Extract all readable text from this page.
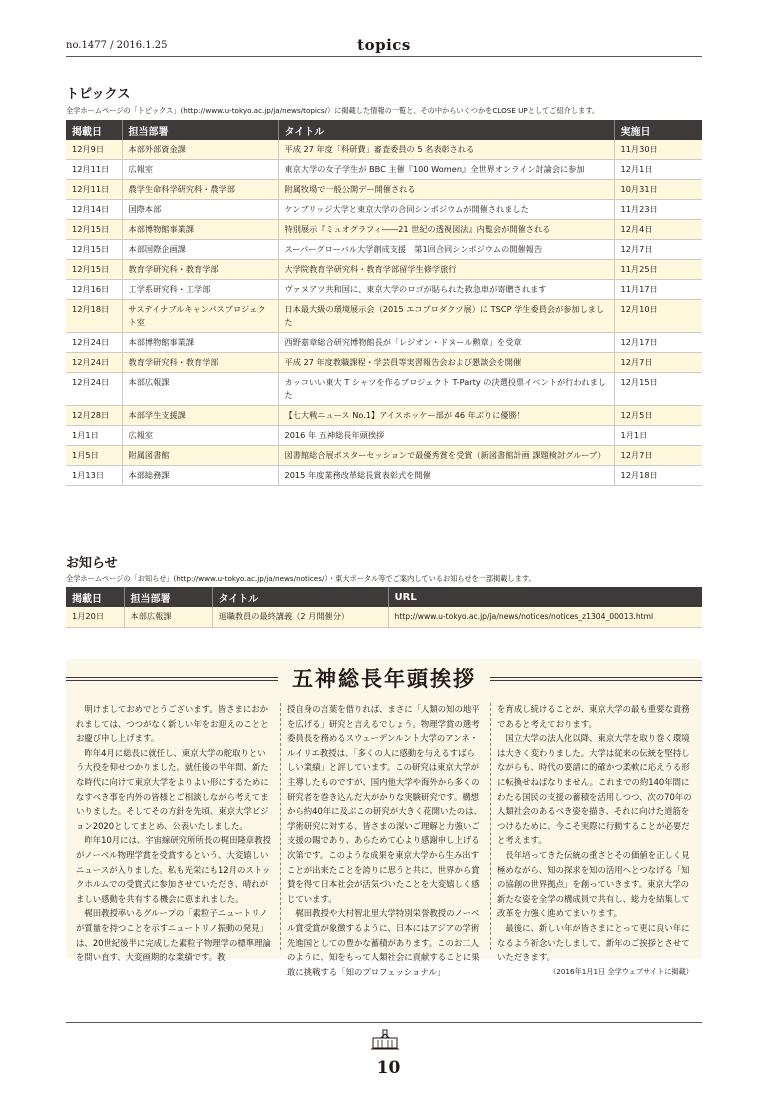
no.1477 / 2016.1.25	topics
トピックス
全学ホームページの「トピックス」(http://www.u-tokyo.ac.jp/ja/news/topics/）に掲載した情報の一覧と、その中からいくつかをCLOSE UPとしてご紹介します。
掲載日	担当部署	タイトル	実施日
12月9日	本部外部資金課	平成 27 年度「科研費」審査委員の 5 名表彰される	11月30日
12月11日	広報室	東京大学の女子学生が BBC 主催『100 Women』全世界オンライン討論会に参加	12月1日
12月11日	農学生命科学研究科・農学部	附属牧場で一般公開デー開催される	10月31日
12月14日	国際本部	ケンブリッジ大学と東京大学の合同シンポジウムが開催されました	11月23日
12月15日	本部博物館事業課	特別展示『ミュオグラフィ――21 世紀の透視図法』内覧会が開催される	12月4日
12月15日	本部国際企画課	スーパーグローバル大学創成支援　第1回合同シンポジウムの開催報告	12月7日
12月15日	教育学研究科・教育学部	大学院教育学研究科・教育学部留学生修学旅行	11月25日
12月16日	工学系研究科・工学部	ヴァヌアツ共和国に、東京大学のロゴが貼られた救急車が寄贈されます	11月17日
12月18日	サステイナブルキャンパスプロジェクト室	日本最大級の環境展示会（2015 エコプロダクツ展）に TSCP 学生委員会が参加しました	12月10日
12月24日	本部博物館事業課	西野嘉章総合研究博物館長が「レジオン・ドヌール勲章」を受章	12月17日
12月24日	教育学研究科・教育学部	平成 27 年度教職課程・学芸員等実習報告会および懇談会を開催	12月7日
12月24日	本部広報課	カッコいい東大 T シャツを作るプロジェクト T-Party の決選投票イベントが行われました	12月15日
12月28日	本部学生支援課	【七大戦ニュース No.1】アイスホッケー部が 46 年ぶりに優勝！	12月5日
1月1日	広報室	2016 年 五神総長年頭挨拶	1月1日
1月5日	附属図書館	図書館総合展ポスターセッションで最優秀賞を受賞（新図書館計画 課題検討グループ）	12月7日
1月13日	本部総務課	2015 年度業務改革総長賞表彰式を開催	12月18日
お知らせ
全学ホームページの「お知らせ」(http://www.u-tokyo.ac.jp/ja/news/notices/）・東大ポータル等でご案内しているお知らせを一部掲載します。
掲載日	担当部署	タイトル	URL
1月20日	本部広報課	退職教員の最終講義（2 月開催分）	http://www.u-tokyo.ac.jp/ja/news/notices/notices_z1304_00013.html
五神総長年頭挨拶

明けましておめでとうございます。皆さまにおかれましては、つつがなく新しい年をお迎えのことと お慶び申し上げます。

昨年4月に総長に就任し、東京大学の舵取りという大役を仰せつかりました。就任後の半年間、新たな時代に向けて東京大学をよりよい形にするためになすべき事を内外の皆様とご相談しながら考えてまいりました。そしてその方針を先頃、東京大学ビジョン2020としてまとめ、公表いたしました。

昨年10月には、宇宙線研究所所長の梶田隆章教授がノーベル物理学賞を受賞するという、大変嬉しいニュースが入りました。私も光栄にも12月のストックホルムでの受賞式に参加させていただき、晴れがましい感動を共有する機会に恵まれました。

梶田教授率いるグループの「素粒子ニュートリノが質量を持つことを示すニュートリノ振動の発見」は、20世紀後半に完成した素粒子物理学の標準理論を問い直す、大変画期的な業績です。教

授自身の言葉を借りれば、まさに「人類の知の地平を広げる」研究と言えるでしょう。物理学賞の選考委員長を務めるスウェーデンルント大学のアンネ・ルイリエ教授は、「多くの人に感動を与えるすばらしい業績」と評しています。この研究は東京大学が主導したものですが、国内他大学や海外から多くの研究者を巻き込んだ大がかりな実験研究です。構想から約40年に及ぶこの研究が大きく花開いたのは、学術研究に対する、皆さまの深いご理解と力強いご支援の賜であり、あらためて心より感謝申し上げる次第です。このような成果を東京大学から生み出すことが出来たことを誇りに思うと共に、世界から賞賛を得て日本社会が活気づいたことを大変嬉しく感じています。

梶田教授や大村智北里大学特別栄誉教授のノーベル賞受賞が象徴するように、日本にはアジアの学術先進国としての豊かな蓄積があります。このお二人のように、知をもって人類社会に貢献することに果敢に挑戦する「知のプロフェッショナル」

を育成し続けることが、東京大学の最も重要な責務であると考えております。

国立大学の法人化以降、東京大学を取り巻く環境は大きく変わりました。大学は従来の伝統を堅持しながらも、時代の要請に的確かつ柔軟に応えうる形に転換せねばなりません。これまでの約140年間にわたる国民の支援の蓄積を活用しつつ、次の70年の人類社会のあるべき姿を描き、それに向けた道筋をつけるために、今こそ実際に行動することが必要だと考えます。

長年培ってきた伝統の重さとその価値を正しく見極めながら、知の探求を知の活用へとつなげる「知の協創の世界拠点」を創っていきます。東京大学の新たな姿を全学の構成員で共有し、総力を結集して改革を力強く進めてまいります。

最後に、新しい年が皆さまにとって更に良い年になるよう祈念いたしまして、新年のご挨拶とさせていただきます。

（2016年1月1日 全学ウェブサイトに掲載）
10
